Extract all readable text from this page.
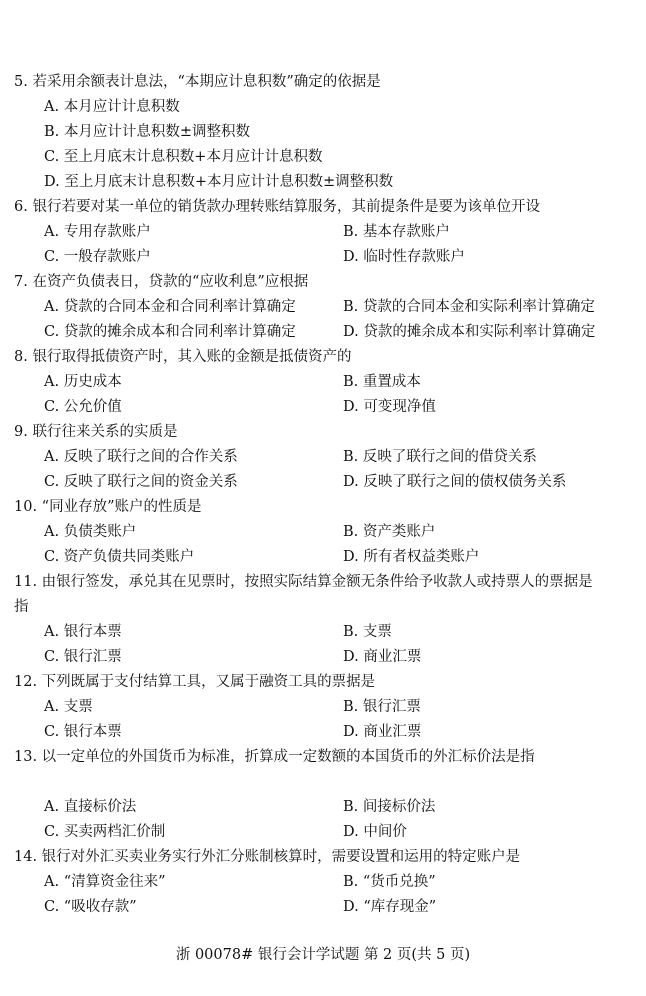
5. 若采用余额表计息法，“本期应计息积数”确定的依据是
A. 本月应计计息积数
B. 本月应计计息积数±调整积数
C. 至上月底末计息积数+本月应计计息积数
D. 至上月底末计息积数+本月应计计息积数±调整积数
6. 银行若要对某一单位的销货款办理转账结算服务，其前提条件是要为该单位开设
A. 专用存款账户	B. 基本存款账户
C. 一般存款账户	D. 临时性存款账户
7. 在资产负债表日，贷款的“应收利息”应根据
A. 贷款的合同本金和合同利率计算确定	B. 贷款的合同本金和实际利率计算确定
C. 贷款的摊余成本和合同利率计算确定	D. 贷款的摊余成本和实际利率计算确定
8. 银行取得抵债资产时，其入账的金额是抵债资产的
A. 历史成本	B. 重置成本
C. 公允价值	D. 可变现净值
9. 联行往来关系的实质是
A. 反映了联行之间的合作关系	B. 反映了联行之间的借贷关系
C. 反映了联行之间的资金关系	D. 反映了联行之间的债权债务关系
10. “同业存放”账户的性质是
A. 负债类账户	B. 资产类账户
C. 资产负债共同类账户	D. 所有者权益类账户
11. 由银行签发，承兑其在见票时，按照实际结算金额无条件给予收款人或持票人的票据是
指
A. 银行本票	B. 支票
C. 银行汇票	D. 商业汇票
12. 下列既属于支付结算工具，又属于融资工具的票据是
A. 支票	B. 银行汇票
C. 银行本票	D. 商业汇票
13. 以一定单位的外国货币为标准，折算成一定数额的本国货币的外汇标价法是指
A. 直接标价法	B. 间接标价法
C. 买卖两档汇价制	D. 中间价
14. 银行对外汇买卖业务实行外汇分账制核算时，需要设置和运用的特定账户是
A. “清算资金往来”	B. “货币兑换”
C. “吸收存款”	D. “库存现金”
浙 00078# 银行会计学试题 第 2 页(共 5 页)
